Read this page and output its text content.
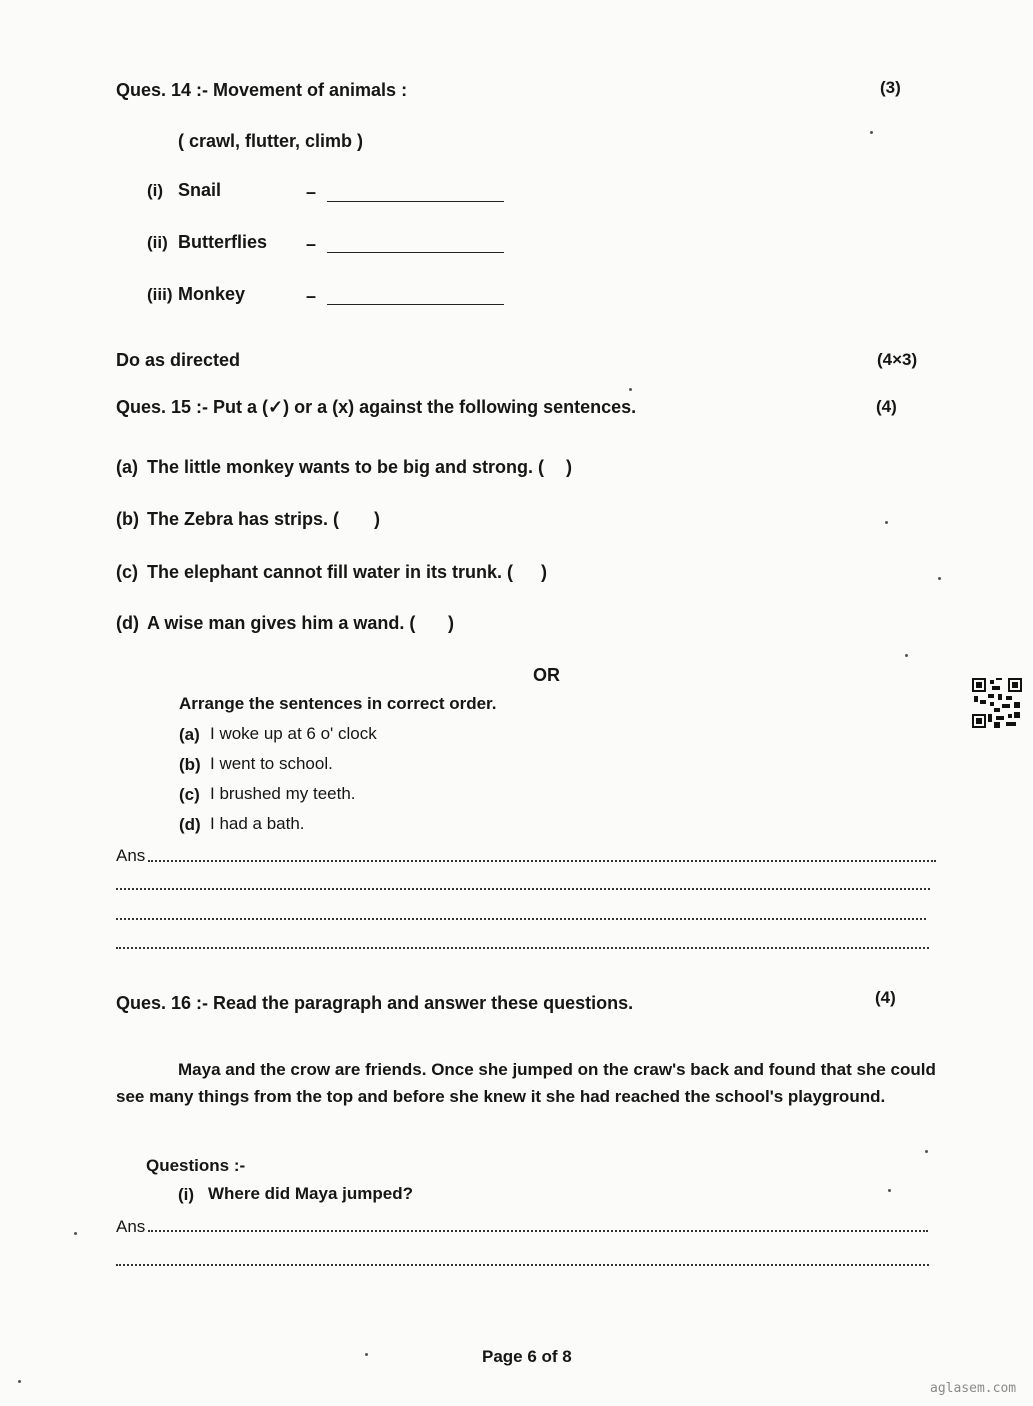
Ques. 14 :- Movement of animals :	(3)
( crawl, flutter, climb )
(i) Snail	–
(ii) Butterflies –
(iii) Monkey	–
Do as directed	(4×3)
Ques. 15 :- Put a (✓) or a (x) against the following sentences.	(4)
(a) The little monkey wants to be big and strong. ( )
(b) The Zebra has strips. ( )
(c) The elephant cannot fill water in its trunk. ( )
(d) A wise man gives him a wand. ( )
OR
Arrange the sentences in correct order.
(a) I woke up at 6 o' clock
(b) I went to school.
(c) I brushed my teeth.
(d) I had a bath.
Ans
Ques. 16 :- Read the paragraph and answer these questions.	(4)
Maya and the crow are friends. Once she jumped on the craw's back and found that she could
see many things from the top and before she knew it she had reached the school's playground.
Questions :-
(i) Where did Maya jumped?
Ans
Page 6 of 8
aglasem.com
